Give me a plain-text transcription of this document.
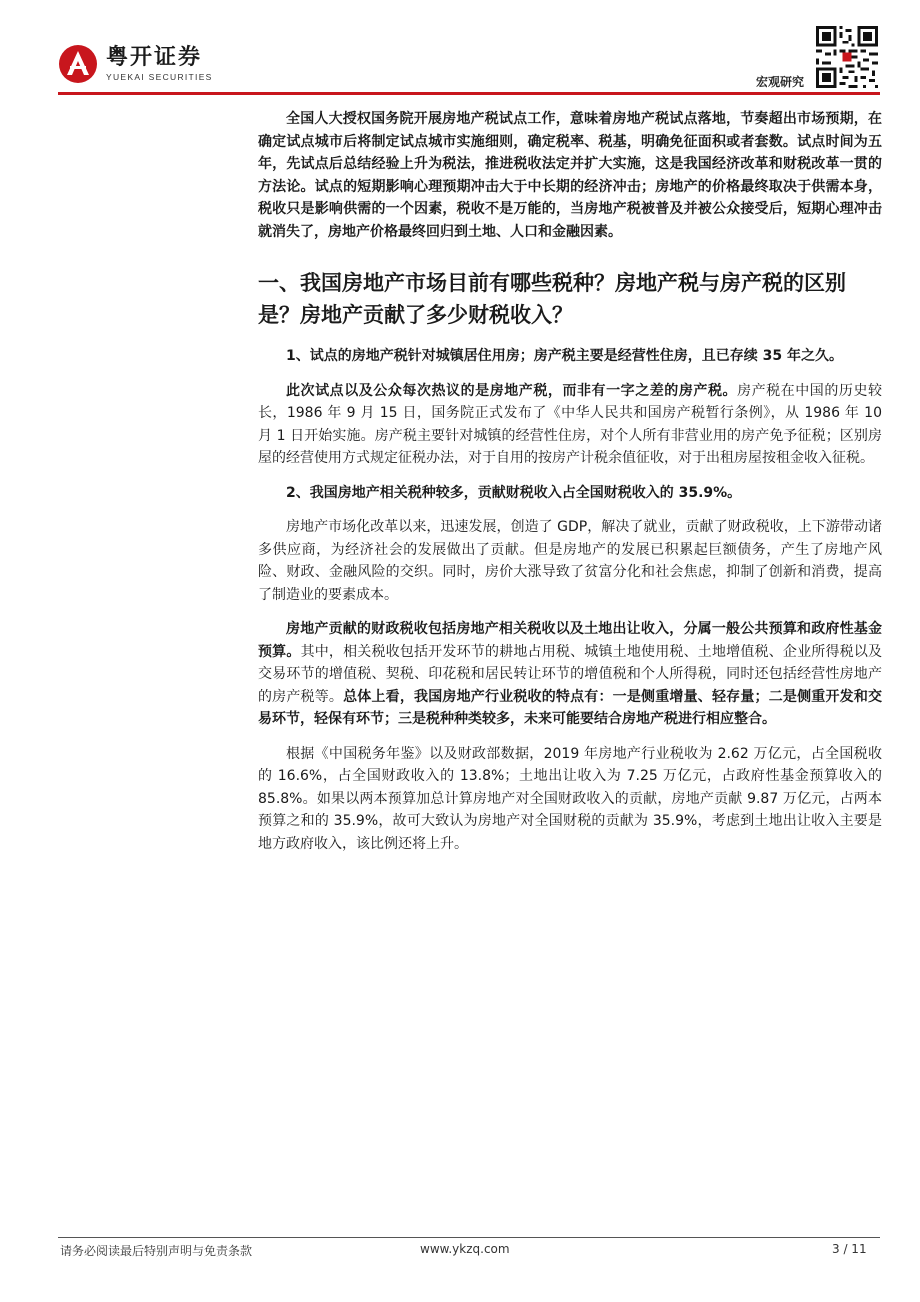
粤开证券
YUEKAI SECURITIES	宏观研究

全国人大授权国务院开展房地产税试点工作，意味着房地产税试点落地，节奏超出市场预期，在确定试点城市后将制定试点城市实施细则，确定税率、税基，明确免征面积或者套数。试点时间为五年，先试点后总结经验上升为税法，推进税收法定并扩大实施，这是我国经济改革和财税改革一贯的方法论。试点的短期影响心理预期冲击大于中长期的经济冲击；房地产的价格最终取决于供需本身，税收只是影响供需的一个因素，税收不是万能的，当房地产税被普及并被公众接受后，短期心理冲击就消失了，房地产价格最终回归到土地、人口和金融因素。

一、我国房地产市场目前有哪些税种？房地产税与房产税的区别是？房地产贡献了多少财税收入？

1、试点的房地产税针对城镇居住用房；房产税主要是经营性住房，且已存续 35 年之久。

此次试点以及公众每次热议的是房地产税，而非有一字之差的房产税。房产税在中国的历史较长，1986 年 9 月 15 日，国务院正式发布了《中华人民共和国房产税暂行条例》，从 1986 年 10 月 1 日开始实施。房产税主要针对城镇的经营性住房，对个人所有非营业用的房产免予征税；区别房屋的经营使用方式规定征税办法，对于自用的按房产计税余值征收，对于出租房屋按租金收入征税。

2、我国房地产相关税种较多，贡献财税收入占全国财税收入的 35.9%。

房地产市场化改革以来，迅速发展，创造了 GDP，解决了就业，贡献了财政税收，上下游带动诸多供应商，为经济社会的发展做出了贡献。但是房地产的发展已积累起巨额债务，产生了房地产风险、财政、金融风险的交织。同时，房价大涨导致了贫富分化和社会焦虑，抑制了创新和消费，提高了制造业的要素成本。

房地产贡献的财政税收包括房地产相关税收以及土地出让收入，分属一般公共预算和政府性基金预算。其中，相关税收包括开发环节的耕地占用税、城镇土地使用税、土地增值税、企业所得税以及交易环节的增值税、契税、印花税和居民转让环节的增值税和个人所得税，同时还包括经营性房地产的房产税等。总体上看，我国房地产行业税收的特点有：一是侧重增量、轻存量；二是侧重开发和交易环节，轻保有环节；三是税种种类较多，未来可能要结合房地产税进行相应整合。

根据《中国税务年鉴》以及财政部数据，2019 年房地产行业税收为 2.62 万亿元，占全国税收的 16.6%，占全国财政收入的 13.8%；土地出让收入为 7.25 万亿元，占政府性基金预算收入的 85.8%。如果以两本预算加总计算房地产对全国财政收入的贡献，房地产贡献 9.87 万亿元，占两本预算之和的 35.9%，故可大致认为房地产对全国财税的贡献为 35.9%，考虑到土地出让收入主要是地方政府收入，该比例还将上升。

请务必阅读最后特别声明与免责条款	www.ykzq.com	3 / 11
